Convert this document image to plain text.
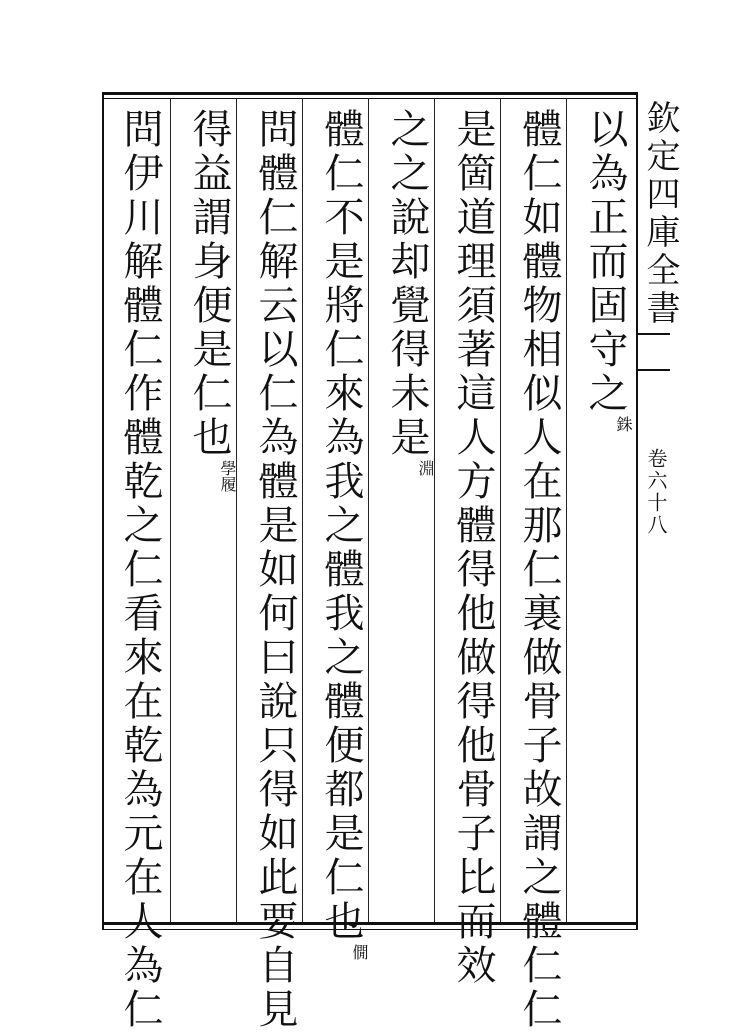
欽定四庫全書
卷六十八
以為正而固守之$^銖$
體仁如體物相似人在那仁裏做骨子故謂之體仁仁
是箇道理須著這人方體得他做得他骨子比而效
之之說却覺得未是$^淵$
體仁不是將仁來為我之體我之體便都是仁也$^僩$
問體仁解云以仁為體是如何曰說只得如此要自見
得益謂身便是仁也$^{學履}$
問伊川解體仁作體乾之仁看來在乾為元在人為仁
